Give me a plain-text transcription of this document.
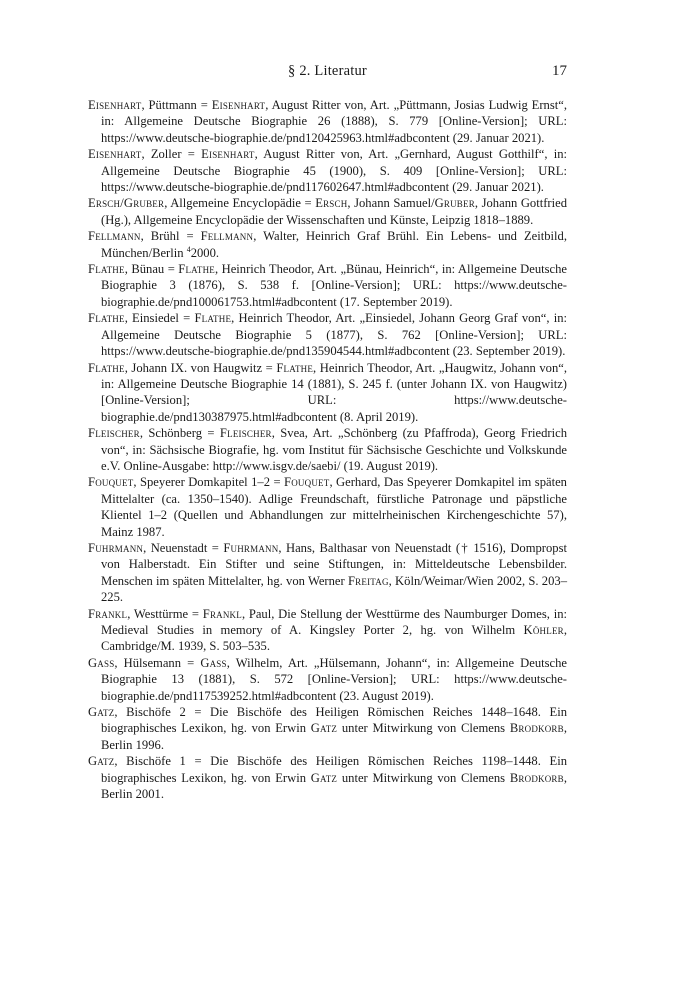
§ 2. Literatur	17
Eisenhart, Püttmann = Eisenhart, August Ritter von, Art. „Püttmann, Josias Ludwig Ernst“, in: Allgemeine Deutsche Biographie 26 (1888), S. 779 [Online-Version]; URL: https://www.deutsche-biographie.de/pnd120425963.html#adbcontent (29. Januar 2021).
Eisenhart, Zoller = Eisenhart, August Ritter von, Art. „Gernhard, August Gotthilf“, in: Allgemeine Deutsche Biographie 45 (1900), S. 409 [Online-Version]; URL: https://www.deutsche-biographie.de/pnd117602647.html#adbcontent (29. Januar 2021).
Ersch/Gruber, Allgemeine Encyclopädie = Ersch, Johann Samuel/Gruber, Johann Gottfried (Hg.), Allgemeine Encyclopädie der Wissenschaften und Künste, Leipzig 1818–1889.
Fellmann, Brühl = Fellmann, Walter, Heinrich Graf Brühl. Ein Lebens- und Zeitbild, München/Berlin $^4$2000.
Flathe, Bünau = Flathe, Heinrich Theodor, Art. „Bünau, Heinrich“, in: Allgemeine Deutsche Biographie 3 (1876), S. 538 f. [Online-Version]; URL: https://www.deutsche-biographie.de/pnd100061753.html#adbcontent (17. September 2019).
Flathe, Einsiedel = Flathe, Heinrich Theodor, Art. „Einsiedel, Johann Georg Graf von“, in: Allgemeine Deutsche Biographie 5 (1877), S. 762 [Online-Version]; URL: https://www.deutsche-biographie.de/pnd135904544.html#adbcontent (23. September 2019).
Flathe, Johann IX. von Haugwitz = Flathe, Heinrich Theodor, Art. „Haugwitz, Johann von“, in: Allgemeine Deutsche Biographie 14 (1881), S. 245 f. (unter Johann IX. von Haugwitz) [Online-Version]; URL: https://www.deutsche-biographie.de/pnd130387975.html#adbcontent (8. April 2019).
Fleischer, Schönberg = Fleischer, Svea, Art. „Schönberg (zu Pfaffroda), Georg Friedrich von“, in: Sächsische Biografie, hg. vom Institut für Sächsische Geschichte und Volkskunde e.V. Online-Ausgabe: http://www.isgv.de/saebi/ (19. August 2019).
Fouquet, Speyerer Domkapitel 1–2 = Fouquet, Gerhard, Das Speyerer Domkapitel im späten Mittelalter (ca. 1350–1540). Adlige Freundschaft, fürstliche Patronage und päpstliche Klientel 1–2 (Quellen und Abhandlungen zur mittelrheinischen Kirchengeschichte 57), Mainz 1987.
Fuhrmann, Neuenstadt = Fuhrmann, Hans, Balthasar von Neuenstadt († 1516), Dompropst von Halberstadt. Ein Stifter und seine Stiftungen, in: Mitteldeutsche Lebensbilder. Menschen im späten Mittelalter, hg. von Werner Freitag, Köln/Weimar/Wien 2002, S. 203–225.
Frankl, Westtürme = Frankl, Paul, Die Stellung der Westtürme des Naumburger Domes, in: Medieval Studies in memory of A. Kingsley Porter 2, hg. von Wilhelm Köhler, Cambridge/M. 1939, S. 503–535.
Gass, Hülsemann = Gass, Wilhelm, Art. „Hülsemann, Johann“, in: Allgemeine Deutsche Biographie 13 (1881), S. 572 [Online-Version]; URL: https://www.deutsche-biographie.de/pnd117539252.html#adbcontent (23. August 2019).
Gatz, Bischöfe 2 = Die Bischöfe des Heiligen Römischen Reiches 1448–1648. Ein biographisches Lexikon, hg. von Erwin Gatz unter Mitwirkung von Clemens Brodkorb, Berlin 1996.
Gatz, Bischöfe 1 = Die Bischöfe des Heiligen Römischen Reiches 1198–1448. Ein biographisches Lexikon, hg. von Erwin Gatz unter Mitwirkung von Clemens Brodkorb, Berlin 2001.
